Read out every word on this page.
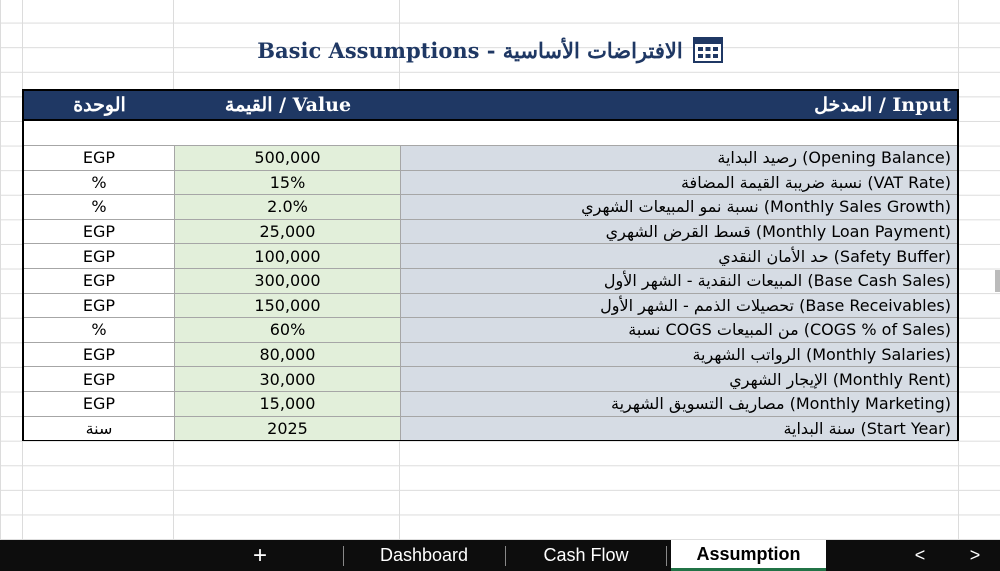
Basic Assumptions - الافتراضات الأساسية
الوحدة	القيمة / Value	المدخل / Input
EGP	500,000	رصيد البداية (Opening Balance)
%	15%	نسبة ضريبة القيمة المضافة (VAT Rate)
%	2.0%	نسبة نمو المبيعات الشهري (Monthly Sales Growth)
EGP	25,000	قسط القرض الشهري (Monthly Loan Payment)
EGP	100,000	حد الأمان النقدي (Safety Buffer)
EGP	300,000	المبيعات النقدية - الشهر الأول (Base Cash Sales)
EGP	150,000	تحصيلات الذمم - الشهر الأول (Base Receivables)
%	60%	نسبة COGS من المبيعات (COGS % of Sales)
EGP	80,000	الرواتب الشهرية (Monthly Salaries)
EGP	30,000	الإيجار الشهري (Monthly Rent)
EGP	15,000	مصاريف التسويق الشهرية (Monthly Marketing)
سنة	2025	سنة البداية (Start Year)
+	Dashboard	Cash Flow	Assumption	<	>
